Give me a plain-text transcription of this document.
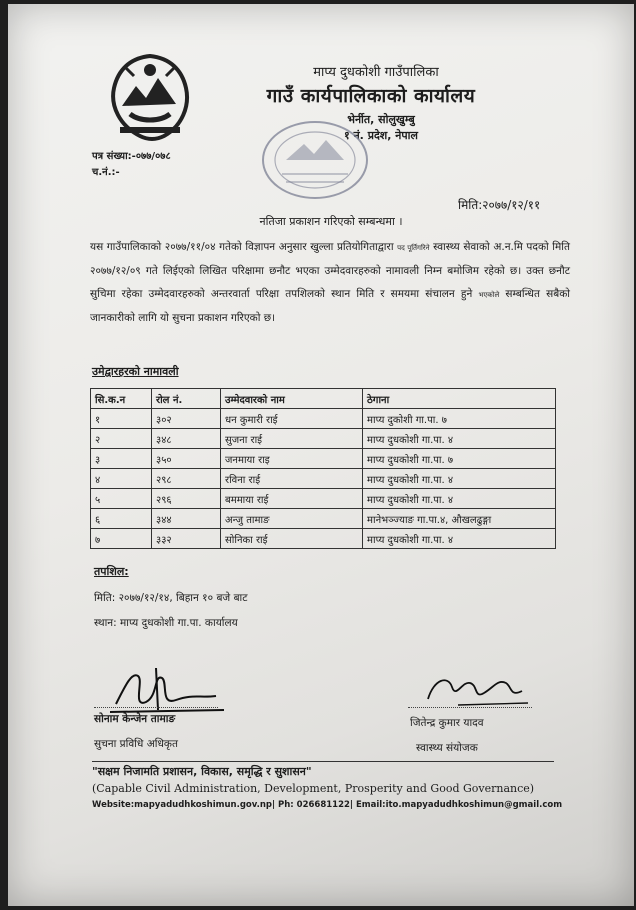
माप्य दुधकोशी गाउँपालिका
गाउँ कार्यपालिकाको कार्यालय
भेर्नीत, सोलुखुम्बु
१ नं. प्रदेश, नेपाल
पत्र संख्या:-०७७/०७८
च.नं.:-
मिति:२०७७/१२/११
नतिजा प्रकाशन गरिएको सम्बन्धमा ।
यस गाउँपालिकाको २०७७/११/०४ गतेको विज्ञापन अनुसार खुल्ला प्रतियोगिताद्वारा पद पूर्तिगरिने स्वास्थ्य सेवाको अ.न.मि पदको मिति २०७७/१२/०९ गते लिईएको लिखित परिक्षामा छनौट भएका उम्मेदवारहरुको नामावली निम्न बमोजिम रहेको छ। उक्त छनौट सुचिमा रहेका उम्मेदवारहरुको अन्तरवार्ता परिक्षा तपशिलको स्थान मिति र समयमा संचालन हुने भएकोले सम्बन्धित सबैको जानकारीको लागि यो सुचना प्रकाशन गरिएको छ।
उमेद्वारहरको नामावली
सि.क.न	रोल नं.	उम्मेदवारको नाम	ठेगाना
१	३०२	धन कुमारी राई	माप्य दुकोशी गा.पा. ७
२	३४८	सुजना राई	माप्य दुधकोशी गा.पा. ४
३	३५०	जनमाया राइ	माप्य दुधकोशी गा.पा. ७
४	२९८	रविना राई	माप्य दुधकोशी गा.पा. ४
५	२९६	बममाया राई	माप्य दुधकोशी गा.पा. ४
६	३४४	अन्जु तामाङ	मानेभञ्ज्याङ गा.पा.४, औखलढुङ्गा
७	३३२	सोनिका राई	माप्य दुधकोशी गा.पा. ४
तपशिल:
मिति: २०७७/१२/१४, बिहान १० बजे बाट
स्थान: माप्य दुधकोशी गा.पा. कार्यालय
सोनाम केन्जेन तामाङ
सुचना प्रविधि अधिकृत
जितेन्द्र कुमार यादव
स्वास्थ्य संयोजक
"सक्षम निजामति प्रशासन, विकास, समृद्धि र सुशासन"
(Capable Civil Administration, Development, Prosperity and Good Governance)
Website:mapyadudhkoshimun.gov.np| Ph: 026681122| Email:ito.mapyadudhkoshimun@gmail.com
